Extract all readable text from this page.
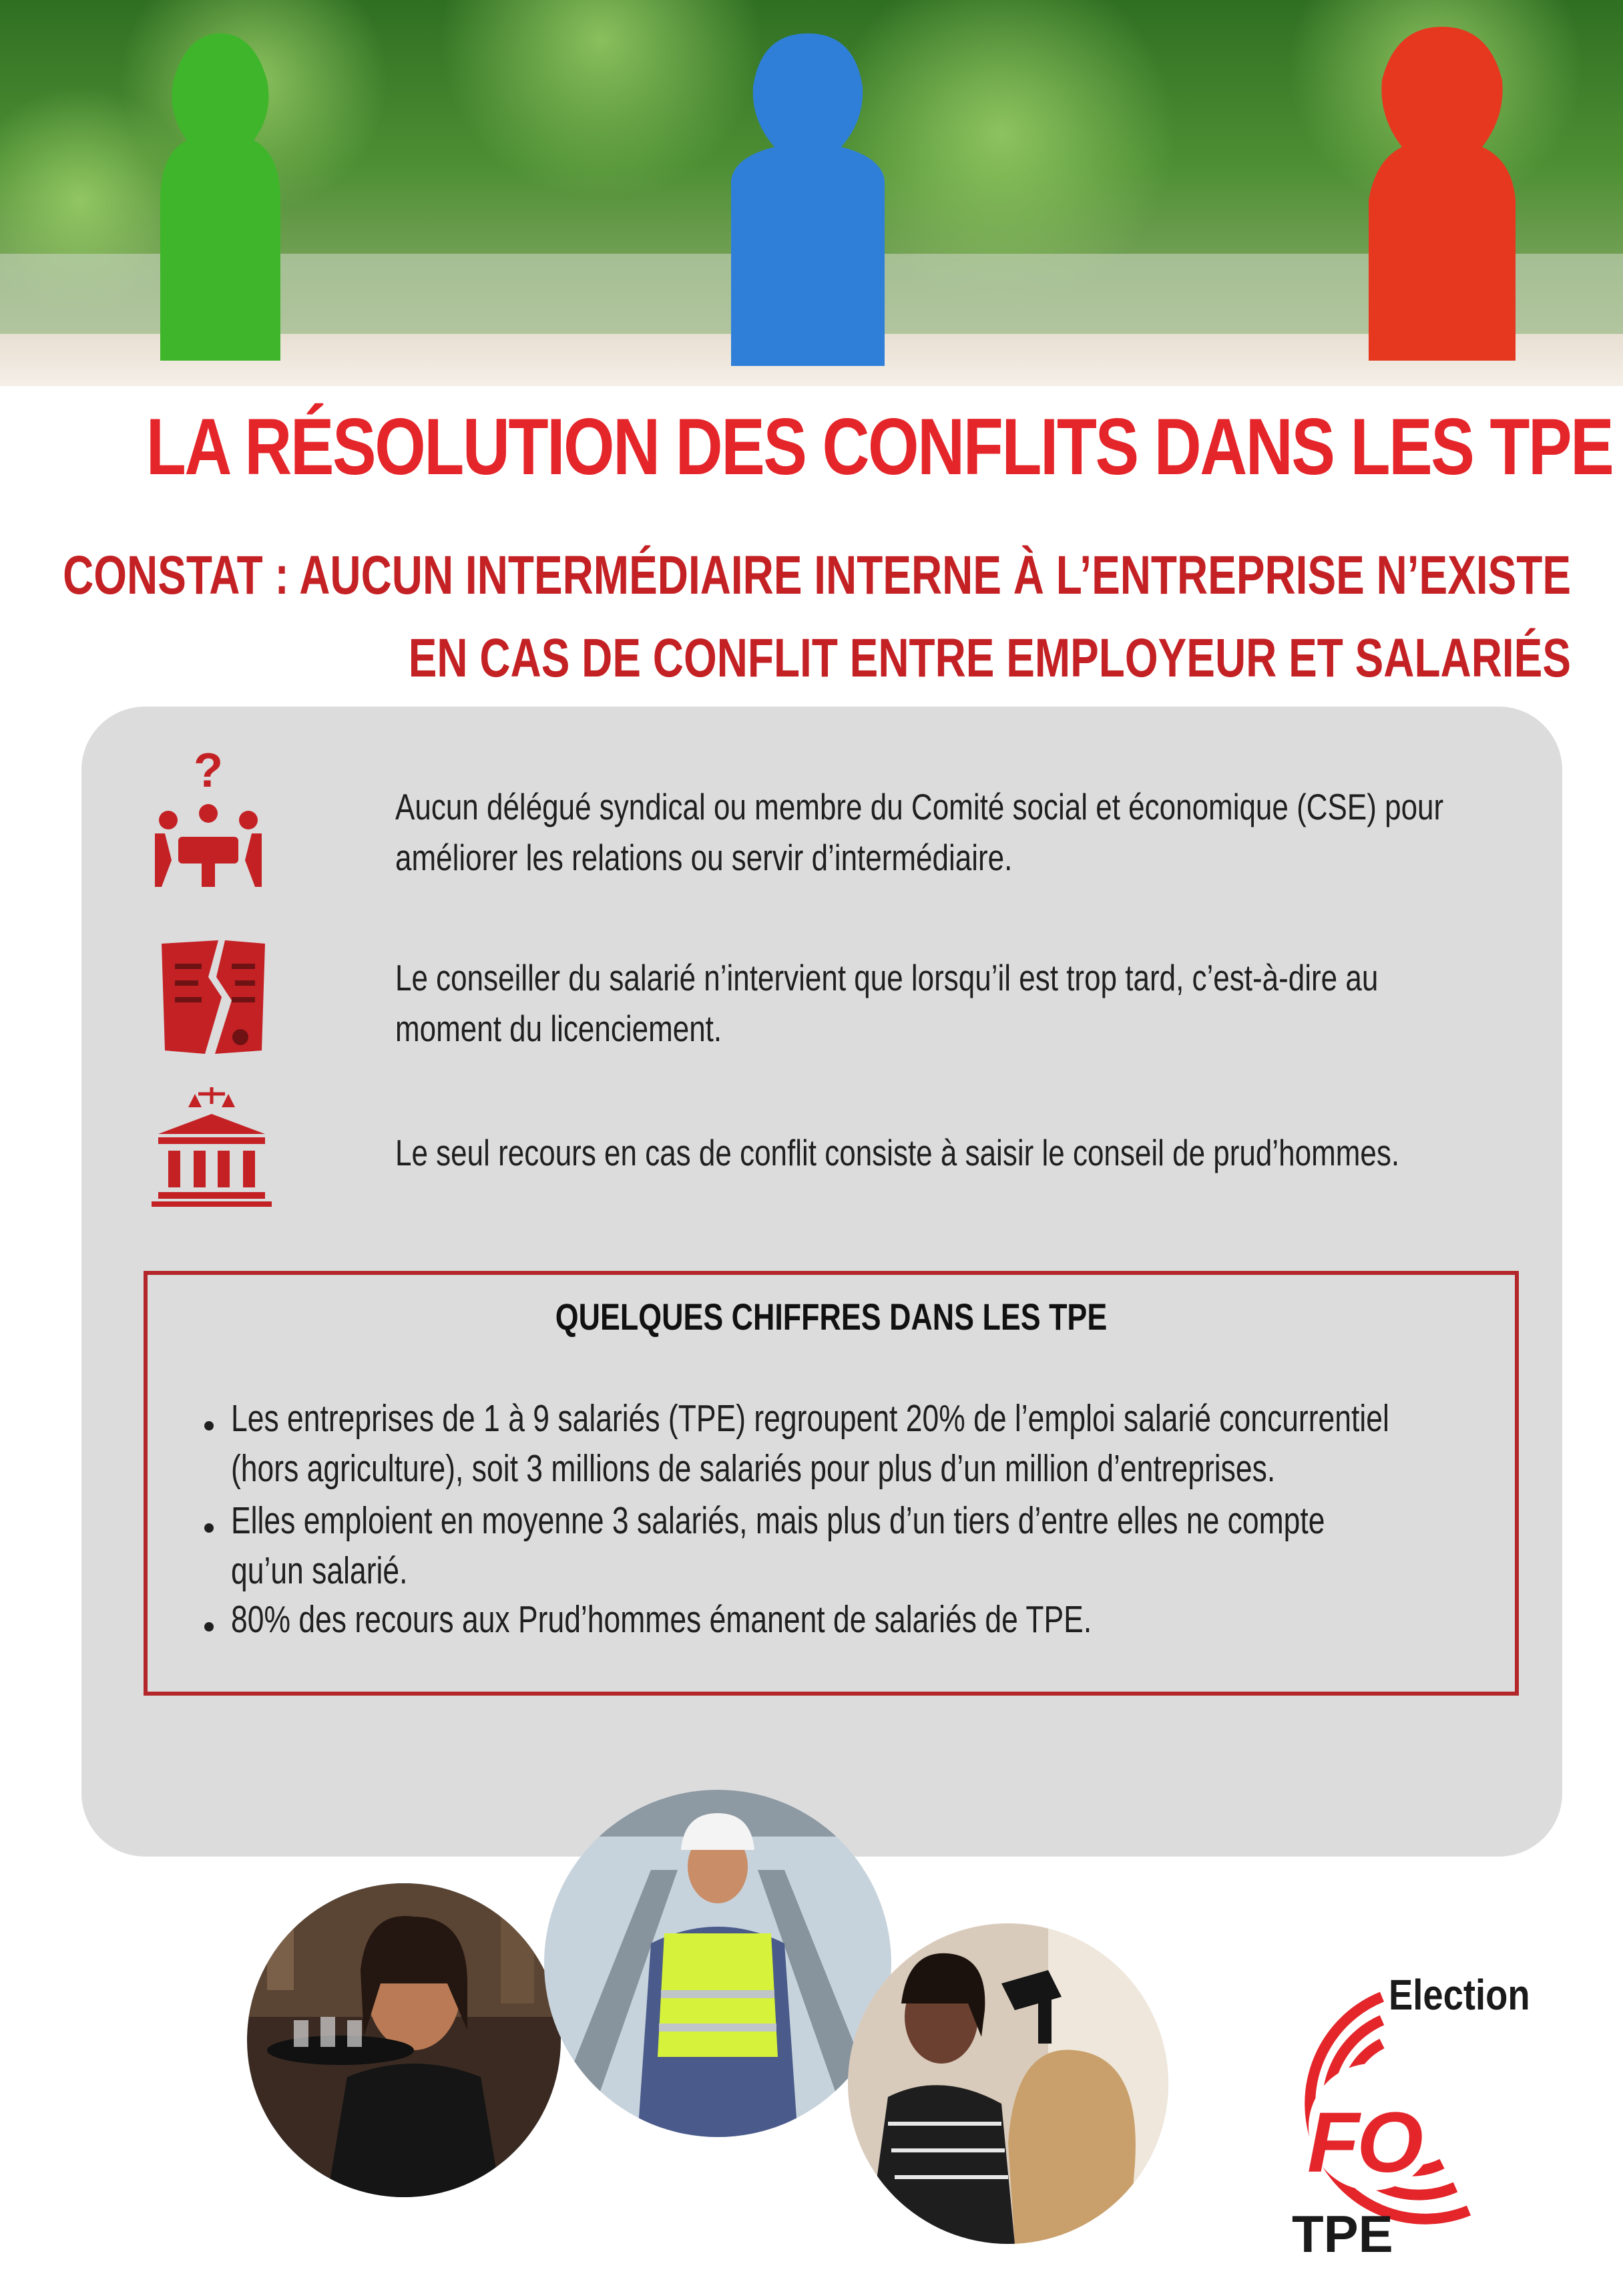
LA RÉSOLUTION DES CONFLITS DANS LES TPE
CONSTAT : AUCUN INTERMÉDIAIRE INTERNE À L’ENTREPRISE N’EXISTE
EN CAS DE CONFLIT ENTRE EMPLOYEUR ET SALARIÉS
?
Aucun délégué syndical ou membre du Comité social et économique (CSE) pour
améliorer les relations ou servir d’intermédiaire.
Le conseiller du salarié n’intervient que lorsqu’il est trop tard, c’est-à-dire au
moment du licenciement.
Le seul recours en cas de conflit consiste à saisir le conseil de prud’hommes.
QUELQUES CHIFFRES DANS LES TPE
Les entreprises de 1 à 9 salariés (TPE) regroupent 20% de l’emploi salarié concurrentiel
(hors agriculture), soit 3 millions de salariés pour plus d’un million d’entreprises.
Elles emploient en moyenne 3 salariés, mais plus d’un tiers d’entre elles ne compte
qu’un salarié.
80% des recours aux Prud’hommes émanent de salariés de TPE.
Election
FO
TPE
